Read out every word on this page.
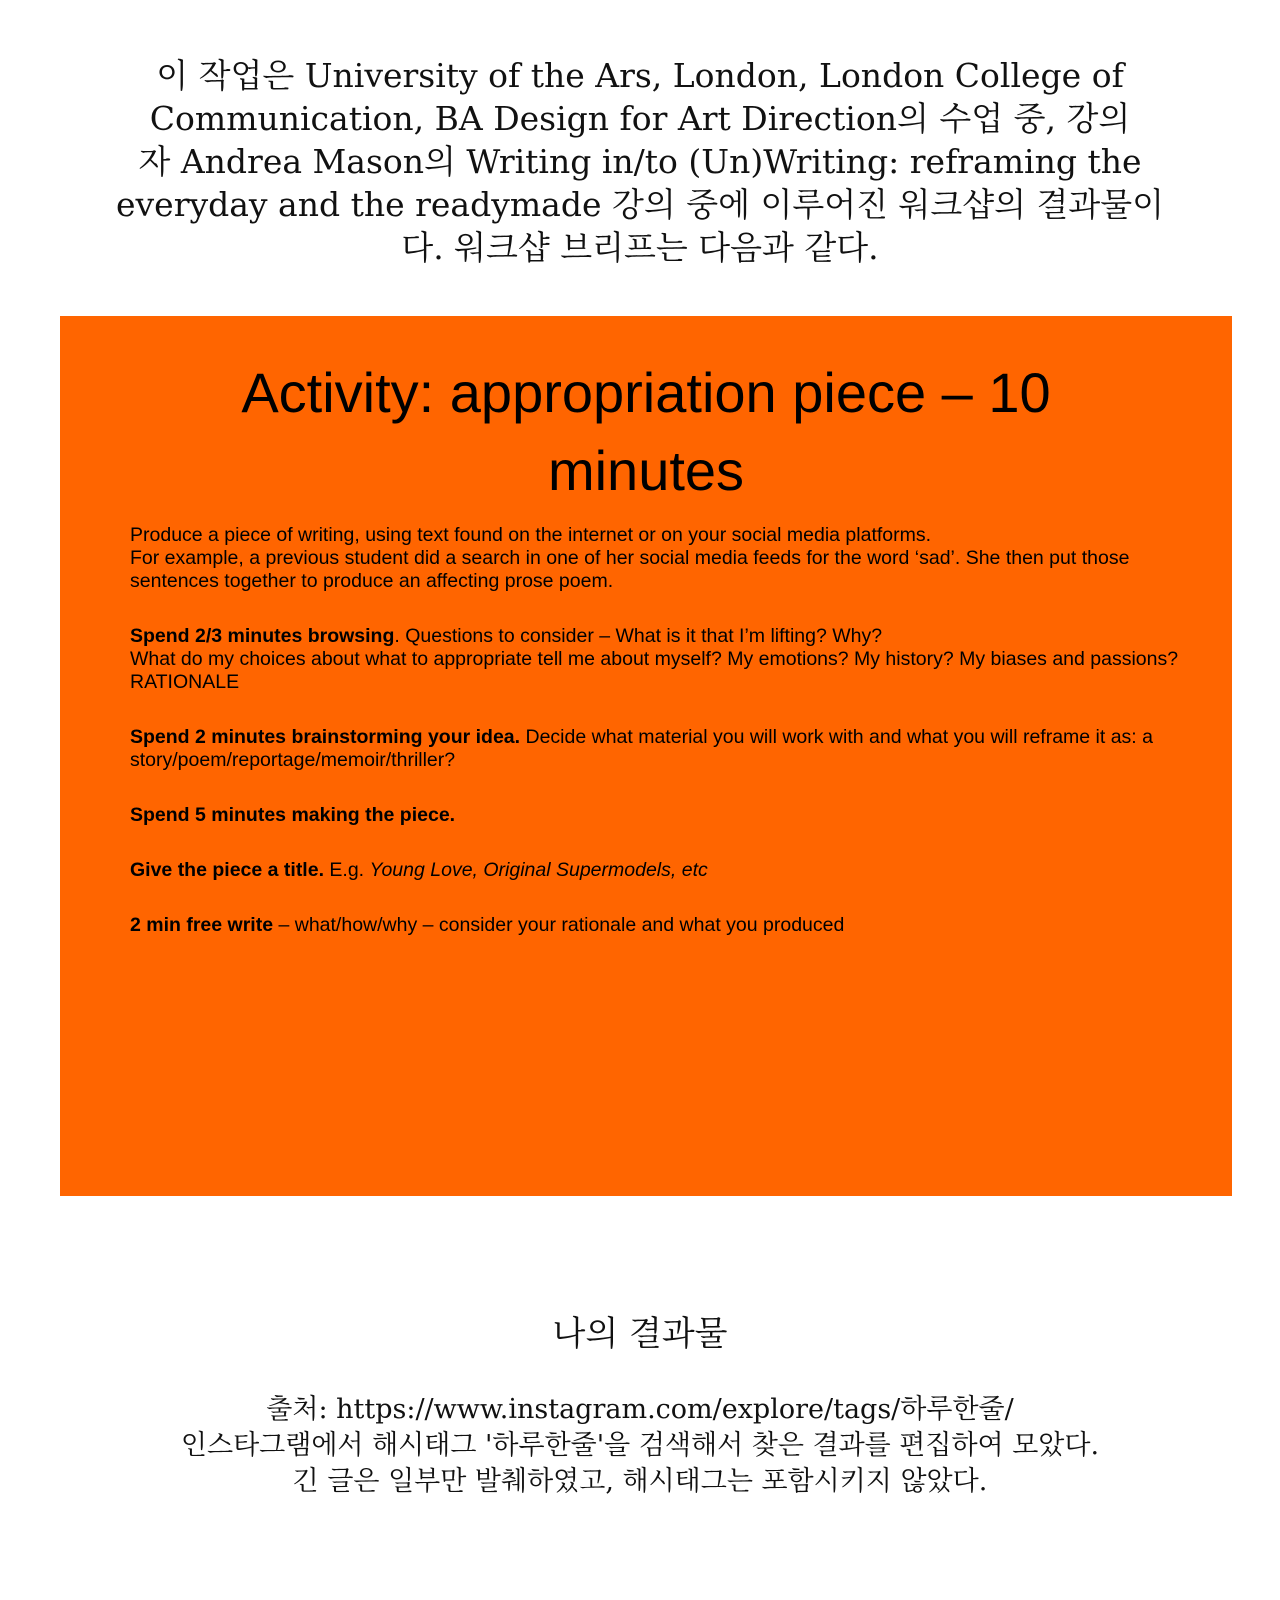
이 작업은 University of the Ars, London, London College of
Communication, BA Design for Art Direction의 수업 중, 강의
자 Andrea Mason의 Writing in/to (Un)Writing: reframing the
everyday and the readymade 강의 중에 이루어진 워크샵의 결과물이
다. 워크샵 브리프는 다음과 같다.
Activity: appropriation piece – 10
minutes

Produce a piece of writing, using text found on the internet or on your social media platforms.

For example, a previous student did a search in one of her social media feeds for the word ‘sad’. She then put those sentences together to produce an affecting prose poem.

Spend 2/3 minutes browsing. Questions to consider – What is it that I’m lifting? Why?

What do my choices about what to appropriate tell me about myself? My emotions? My history? My biases and passions? RATIONALE

Spend 2 minutes brainstorming your idea. Decide what material you will work with and what you will reframe it as: a story/poem/reportage/memoir/thriller?

Spend 5 minutes making the piece.

Give the piece a title. E.g. Young Love, Original Supermodels, etc

2 min free write – what/how/why – consider your rationale and what you produced

나의 결과물
출처: https://www.instagram.com/explore/tags/하루한줄/
인스타그램에서 해시태그 '하루한줄'을 검색해서 찾은 결과를 편집하여 모았다.
긴 글은 일부만 발췌하였고, 해시태그는 포함시키지 않았다.
